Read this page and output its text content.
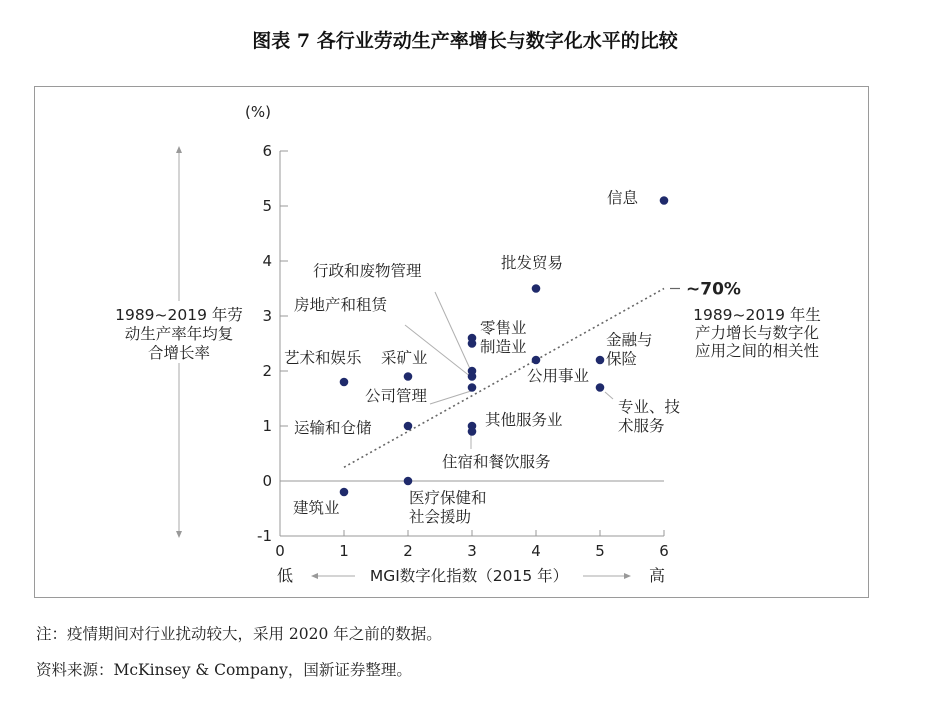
图表 7 各行业劳动生产率增长与数字化水平的比较
-1
0
1
2
3
4
5
6
0	1	2	3	4	5	6
信息
批发贸易
零售业
制造业
行政和废物管理
房地产和租赁
公司管理
公用事业
金融与
保险
专业、技
术服务
其他服务业
住宿和餐饮服务
艺术和娱乐 采矿业
运输和仓储
建筑业
医疗保健和
社会援助
(%)
1989~2019 年劳
动生产率年均复
合增长率
低	高
MGI数字化指数（2015 年）
~70%
1989~2019 年生
产力增长与数字化
应用之间的相关性
注：疫情期间对行业扰动较大，采用 2020 年之前的数据。
资料来源：McKinsey & Company，国新证券整理。
